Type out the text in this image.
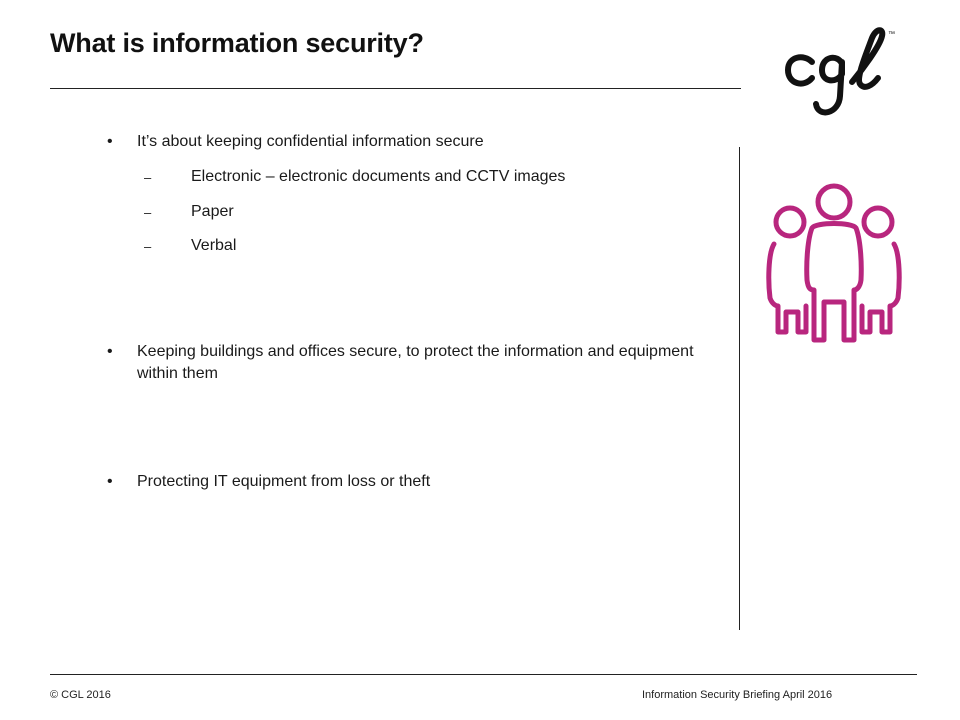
What is information security?	™
• It’s about keeping confidential information secure
– Electronic – electronic documents and CCTV images
– Paper
– Verbal
• Keeping buildings and offices secure, to protect the information and equipment within them
• Protecting IT equipment from loss or theft
© CGL 2016	Information Security Briefing April 2016
